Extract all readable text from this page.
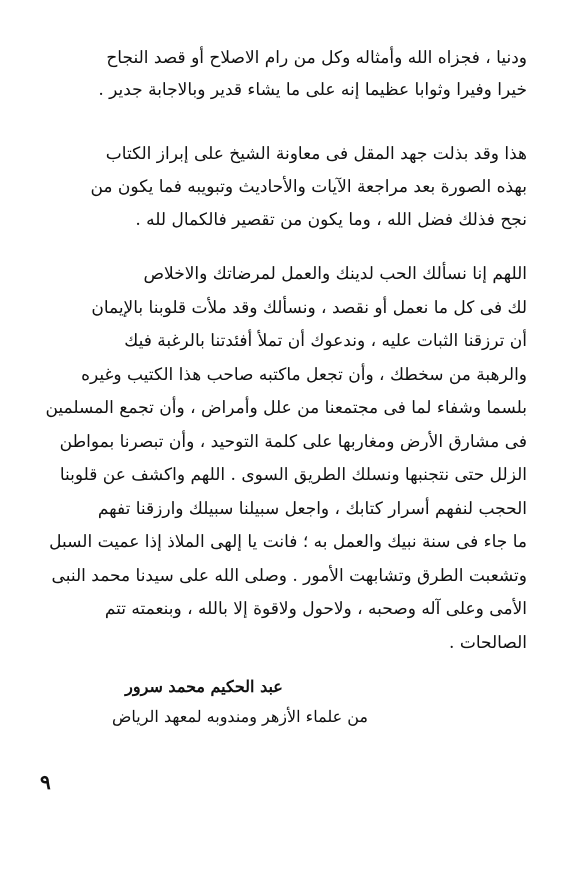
ودنيا ، فجزاه الله وأمثاله وكل من رام الاصلاح أو قصد النجاح
خيرا وفيرا وثوابا عظيما إنه على ما يشاء قدير وبالاجابة جدير .
هذا وقد بذلت جهد المقل فى معاونة الشيخ على إبراز الكتاب
بهذه الصورة بعد مراجعة الآيات والأحاديث وتبويبه فما يكون من
نجح فذلك فضل الله ، وما يكون من تقصير فالكمال لله .
اللهم إنا نسألك الحب لدينك والعمل لمرضاتك والاخلاص
لك فى كل ما نعمل أو نقصد ، ونسألك وقد ملأت قلوبنا بالإيمان
أن ترزقنا الثبات عليه ، وندعوك أن تملأ أفئدتنا بالرغبة فيك
والرهبة من سخطك ، وأن تجعل ماكتبه صاحب هذا الكتيب وغيره
بلسما وشفاء لما فى مجتمعنا من علل وأمراض ، وأن تجمع المسلمين
فى مشارق الأرض ومغاربها على كلمة التوحيد ، وأن تبصرنا بمواطن
الزلل حتى نتجنبها ونسلك الطريق السوى . اللهم واكشف عن قلوبنا
الحجب لنفهم أسرار كتابك ، واجعل سبيلنا سبيلك وارزقنا تفهم
ما جاء فى سنة نبيك والعمل به ؛ فانت يا إلهى الملاذ إذا عميت السبل
وتشعبت الطرق وتشابهت الأمور . وصلى الله على سيدنا محمد النبى
الأمى وعلى آله وصحبه ، ولاحول ولاقوة إلا بالله ، وبنعمته تتم
الصالحات .
عبد الحكيم محمد سرور
من علماء الأزهر ومندوبه لمعهد الرياض
٩
